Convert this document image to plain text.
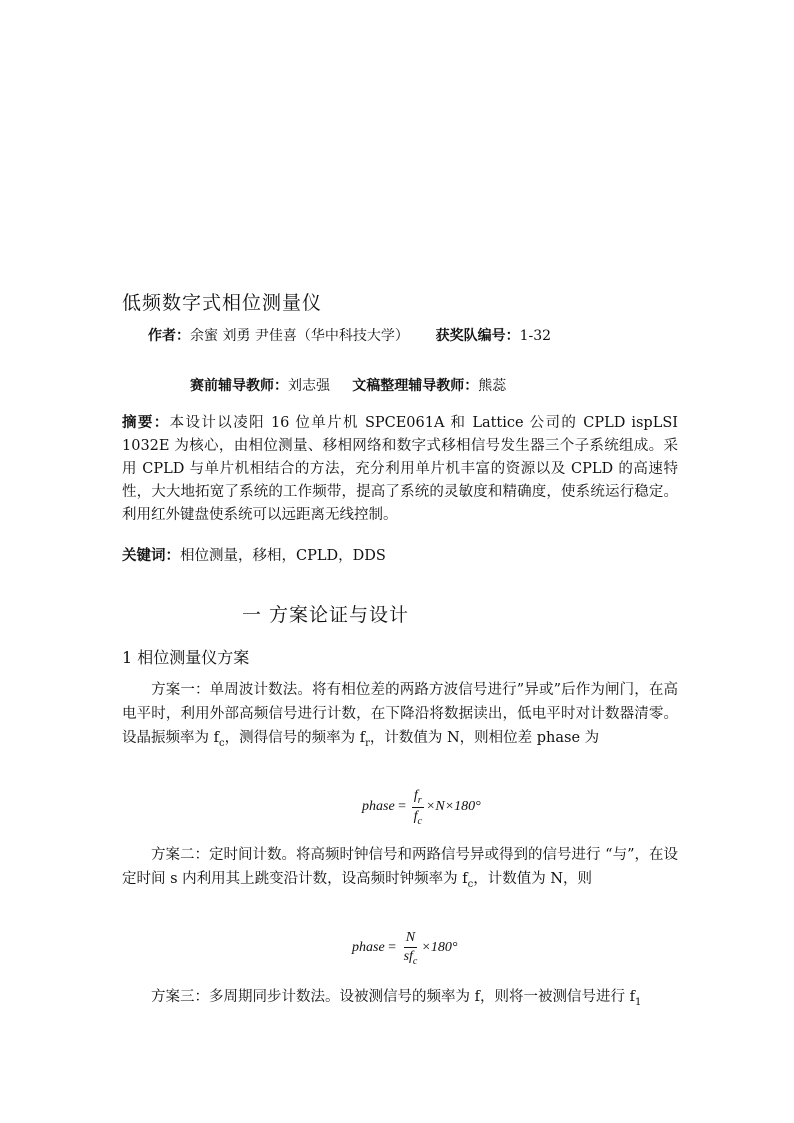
低频数字式相位测量仪
作者：余蜜 刘勇 尹佳喜（华中科技大学） 获奖队编号：1-32
赛前辅导教师：刘志强 文稿整理辅导教师：熊蕊
摘要：本设计以凌阳 16 位单片机 SPCE061A 和 Lattice 公司的 CPLD ispLSI 1032E 为核心，由相位测量、移相网络和数字式移相信号发生器三个子系统组成。采用 CPLD 与单片机相结合的方法，充分利用单片机丰富的资源以及 CPLD 的高速特性，大大地拓宽了系统的工作频带，提高了系统的灵敏度和精确度，使系统运行稳定。利用红外键盘使系统可以远距离无线控制。
关键词：相位测量，移相，CPLD，DDS
一 方案论证与设计
1 相位测量仪方案
方案一：单周波计数法。将有相位差的两路方波信号进行”异或”后作为闸门，在高电平时，利用外部高频信号进行计数，在下降沿将数据读出，低电平时对计数器清零。设晶振频率为 $f_c$，测得信号的频率为 $f_r$，计数值为 N，则相位差 phase 为
phase = $\frac{f_r}{f_c} \times N\times 180^\circ$
方案二：定时间计数。将高频时钟信号和两路信号异或得到的信号进行 “与”，在设定时间 s 内利用其上跳变沿计数，设高频时钟频率为 $f_c$，计数值为 N，则
phase = $\frac{N}{sf_c} \times 180^\circ$
方案三：多周期同步计数法。设被测信号的频率为 f，则将一被测信号进行 $f_1$
